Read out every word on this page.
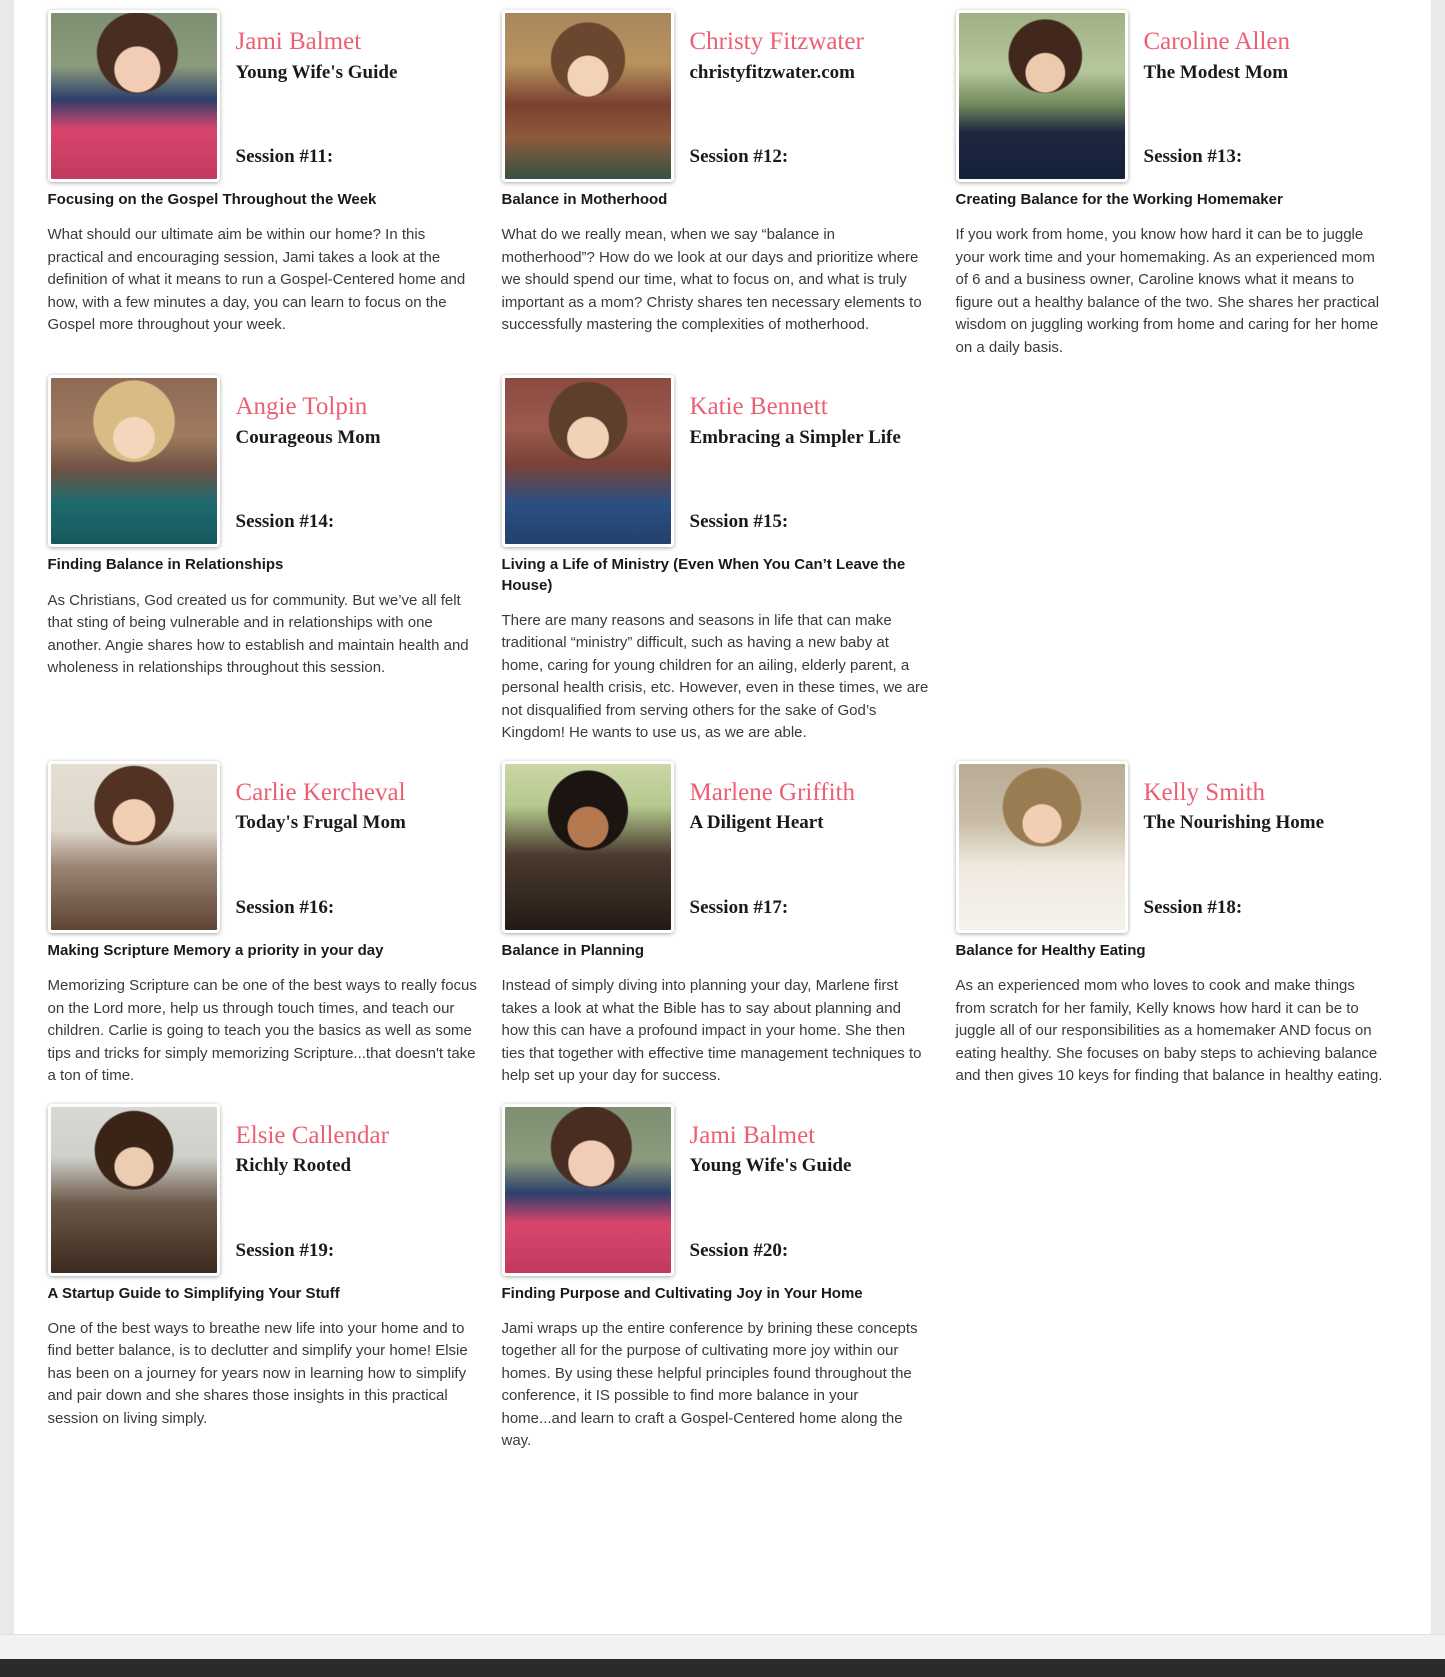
Jami Balmet
Young Wife's Guide
Session #11:
Focusing on the Gospel Throughout the Week
What should our ultimate aim be within our home? In this practical and encouraging session, Jami takes a look at the definition of what it means to run a Gospel-Centered home and how, with a few minutes a day, you can learn to focus on the Gospel more throughout your week.
Christy Fitzwater
christyfitzwater.com
Session #12:
Balance in Motherhood
What do we really mean, when we say “balance in motherhood”? How do we look at our days and prioritize where we should spend our time, what to focus on, and what is truly important as a mom? Christy shares ten necessary elements to successfully mastering the complexities of motherhood.
Caroline Allen
The Modest Mom
Session #13:
Creating Balance for the Working Homemaker
If you work from home, you know how hard it can be to juggle your work time and your homemaking. As an experienced mom of 6 and a business owner, Caroline knows what it means to figure out a healthy balance of the two. She shares her practical wisdom on juggling working from home and caring for her home on a daily basis.
Angie Tolpin
Courageous Mom
Session #14:
Finding Balance in Relationships
As Christians, God created us for community. But we’ve all felt that sting of being vulnerable and in relationships with one another. Angie shares how to establish and maintain health and wholeness in relationships throughout this session.
Katie Bennett
Embracing a Simpler Life
Session #15:
Living a Life of Ministry (Even When You Can’t Leave the House)
There are many reasons and seasons in life that can make traditional “ministry” difficult, such as having a new baby at home, caring for young children for an ailing, elderly parent, a personal health crisis, etc. However, even in these times, we are not disqualified from serving others for the sake of God’s Kingdom! He wants to use us, as we are able.
Carlie Kercheval
Today's Frugal Mom
Session #16:
Making Scripture Memory a priority in your day
Memorizing Scripture can be one of the best ways to really focus on the Lord more, help us through touch times, and teach our children. Carlie is going to teach you the basics as well as some tips and tricks for simply memorizing Scripture...that doesn't take a ton of time.
Marlene Griffith
A Diligent Heart
Session #17:
Balance in Planning
Instead of simply diving into planning your day, Marlene first takes a look at what the Bible has to say about planning and how this can have a profound impact in your home. She then ties that together with effective time management techniques to help set up your day for success.
Kelly Smith
The Nourishing Home
Session #18:
Balance for Healthy Eating
As an experienced mom who loves to cook and make things from scratch for her family, Kelly knows how hard it can be to juggle all of our responsibilities as a homemaker AND focus on eating healthy. She focuses on baby steps to achieving balance and then gives 10 keys for finding that balance in healthy eating.
Elsie Callendar
Richly Rooted
Session #19:
A Startup Guide to Simplifying Your Stuff
One of the best ways to breathe new life into your home and to find better balance, is to declutter and simplify your home! Elsie has been on a journey for years now in learning how to simplify and pair down and she shares those insights in this practical session on living simply.
Jami Balmet
Young Wife's Guide
Session #20:
Finding Purpose and Cultivating Joy in Your Home
Jami wraps up the entire conference by brining these concepts together all for the purpose of cultivating more joy within our homes. By using these helpful principles found throughout the conference, it IS possible to find more balance in your home...and learn to craft a Gospel-Centered home along the way.
